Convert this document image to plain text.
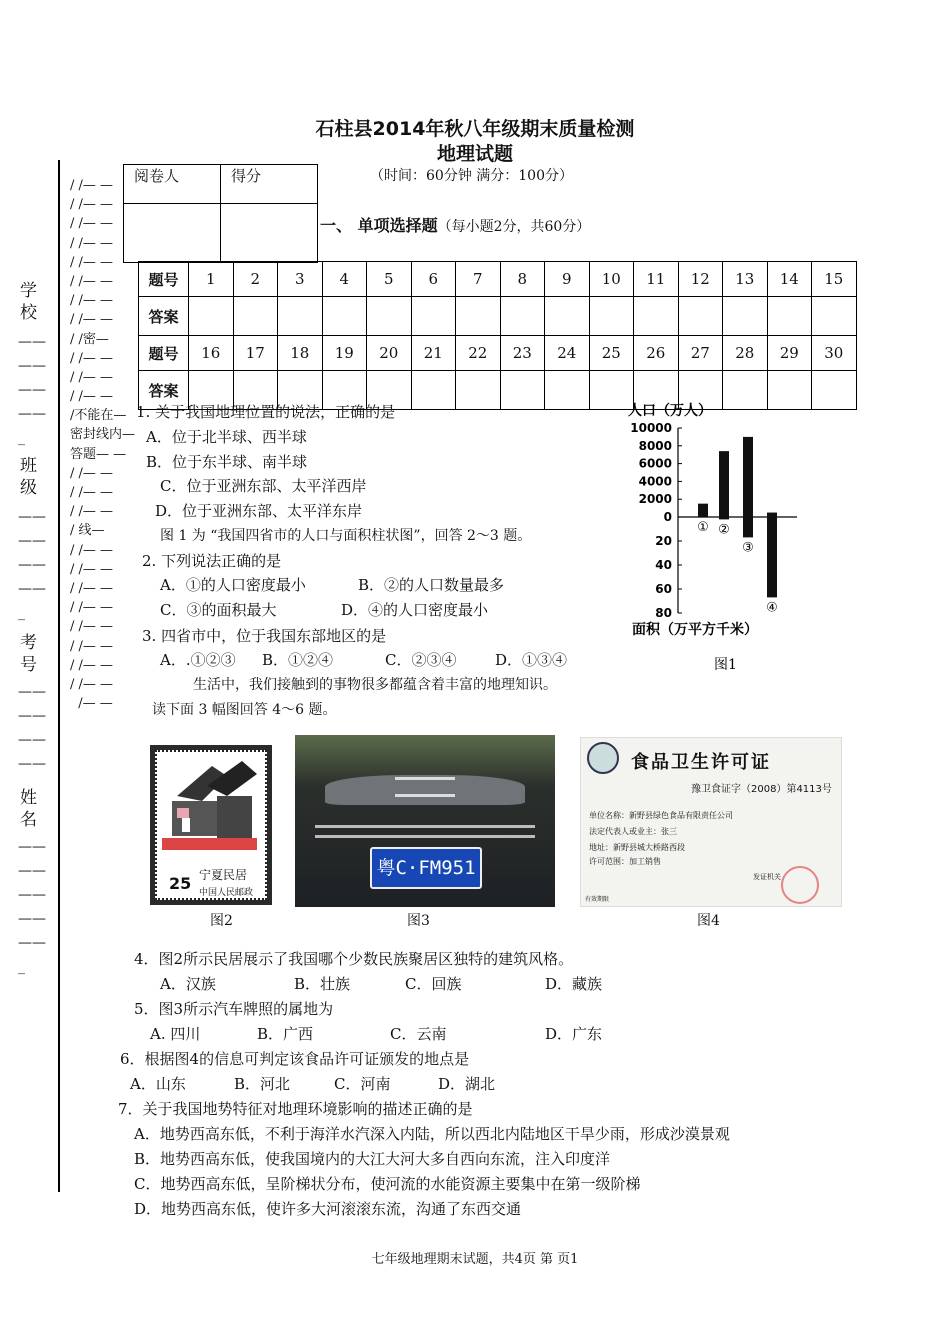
石柱县2014年秋八年级期末质量检测
地理试题
（时间：60分钟 满分：100分）
阅卷人	得分

/ /— —
/ /— —
/ /— —
/ /— —
/ /— —
/ /— —
/ /— —
/ /— —
/ /密—
/ /— —
/ /— —
/ /— —
/不能在—
密封线内—
答题— —
/ /— —
/ /— —
/ /— —
/ 线—
/ /— —
/ /— —
/ /— —
/ /— —
/ /— —
/ /— —
/ /— —
/ /— —
/— —
学校
——
——
——
——
_
班级
——
——
——
——
_
考号
——
——
——
——
姓名
——
——
——
——
——
_
一、 单项选择题（每小题2分，共60分）
题号	1	2	3	4	5	6	7	8	9	10	11	12	13	14	15
答案															
题号	16	17	18	19	20	21	22	23	24	25	26	27	28	29	30
答案															
1. 关于我国地理位置的说法，正确的是
A．位于北半球、西半球
B．位于东半球、南半球
C．位于亚洲东部、太平洋西岸
D．位于亚洲东部、太平洋东岸
图 1 为 “我国四省市的人口与面积柱状图”，回答 2～3 题。
2. 下列说法正确的是
A．①的人口密度最小	B．②的人口数量最多
C．③的面积最大	D．④的人口密度最小
3. 四省市中，位于我国东部地区的是
A．.①②③ B．①②④	C．②③④	D．①③④
生活中，我们接触到的事物很多都蕴含着丰富的地理知识。
读下面 3 幅图回答 4～6 题。
人口（万人）
10000
8000
6000
4000
2000
0
20
40
60
80
① ②
③
④
面积（万平方千米）
图1
宁夏民居
25 中国人民邮政
图2
粤C·FM951
图3
食品卫生许可证
豫卫食证字（2008）第4113号
单位名称：新野县绿色食品有限责任公司
法定代表人或业主：张三
地址：新野县城大桥路西段
许可范围：加工销售
发证机关
有效期限
图4
4．图2所示民居展示了我国哪个少数民族聚居区独特的建筑风格。
A．汉族	B．壮族	C．回族	D．藏族
5．图3所示汽车牌照的属地为
A. 四川	B．广西	C．云南	D．广东
6．根据图4的信息可判定该食品许可证颁发的地点是
A．山东	B．河北	C．河南	D．湖北
7．关于我国地势特征对地理环境影响的描述正确的是
A．地势西高东低，不利于海洋水汽深入内陆，所以西北内陆地区干旱少雨，形成沙漠景观
B．地势西高东低，使我国境内的大江大河大多自西向东流，注入印度洋
C．地势西高东低，呈阶梯状分布，使河流的水能资源主要集中在第一级阶梯
D．地势西高东低，使许多大河滚滚东流，沟通了东西交通
七年级地理期末试题，共4页 第 页1
